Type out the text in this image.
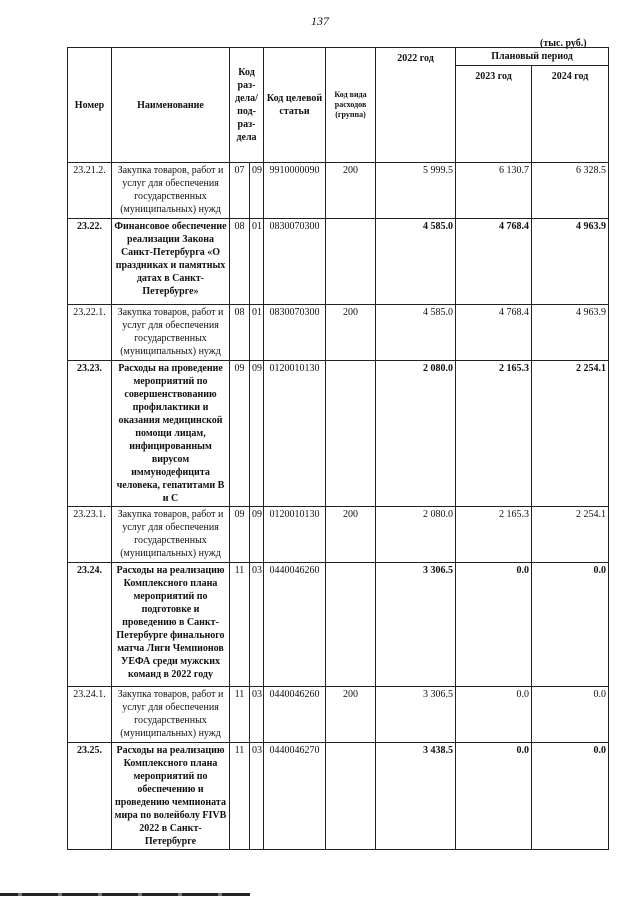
137
(тыс. руб.)
Номер	Наименование	Код раз- дела/ под- раз- дела		Код целевой статьи	Код вида расходов (группа)	2022 год	Плановый период	
							2023 год	2024 год
23.21.2.	Закупка товаров, работ и услуг для обеспечения государственных (муниципальных) нужд	07	09	9910000090	200	5 999.5	6 130.7	6 328.5
23.22.	Финансовое обеспечение реализации Закона Санкт-Петербурга «О праздниках и памятных датах в Санкт-Петербурге»	08	01	0830070300		4 585.0	4 768.4	4 963.9
23.22.1.	Закупка товаров, работ и услуг для обеспечения государственных (муниципальных) нужд	08	01	0830070300	200	4 585.0	4 768.4	4 963.9
23.23.	Расходы на проведение мероприятий по совершенствованию профилактики и оказания медицинской помощи лицам, инфицированным вирусом иммунодефицита человека, гепатитами В и С	09	09	0120010130		2 080.0	2 165.3	2 254.1
23.23.1.	Закупка товаров, работ и услуг для обеспечения государственных (муниципальных) нужд	09	09	0120010130	200	2 080.0	2 165.3	2 254.1
23.24.	Расходы на реализацию Комплексного плана мероприятий по подготовке и проведению в Санкт-Петербурге финального матча Лиги Чемпионов УЕФА среди мужских команд в 2022 году	11	03	0440046260		3 306.5	0.0	0.0
23.24.1.	Закупка товаров, работ и услуг для обеспечения государственных (муниципальных) нужд	11	03	0440046260	200	3 306.5	0.0	0.0
23.25.	Расходы на реализацию Комплексного плана мероприятий по обеспечению и проведению чемпионата мира по волейболу FIVB 2022 в Санкт-Петербурге	11	03	0440046270		3 438.5	0.0	0.0
